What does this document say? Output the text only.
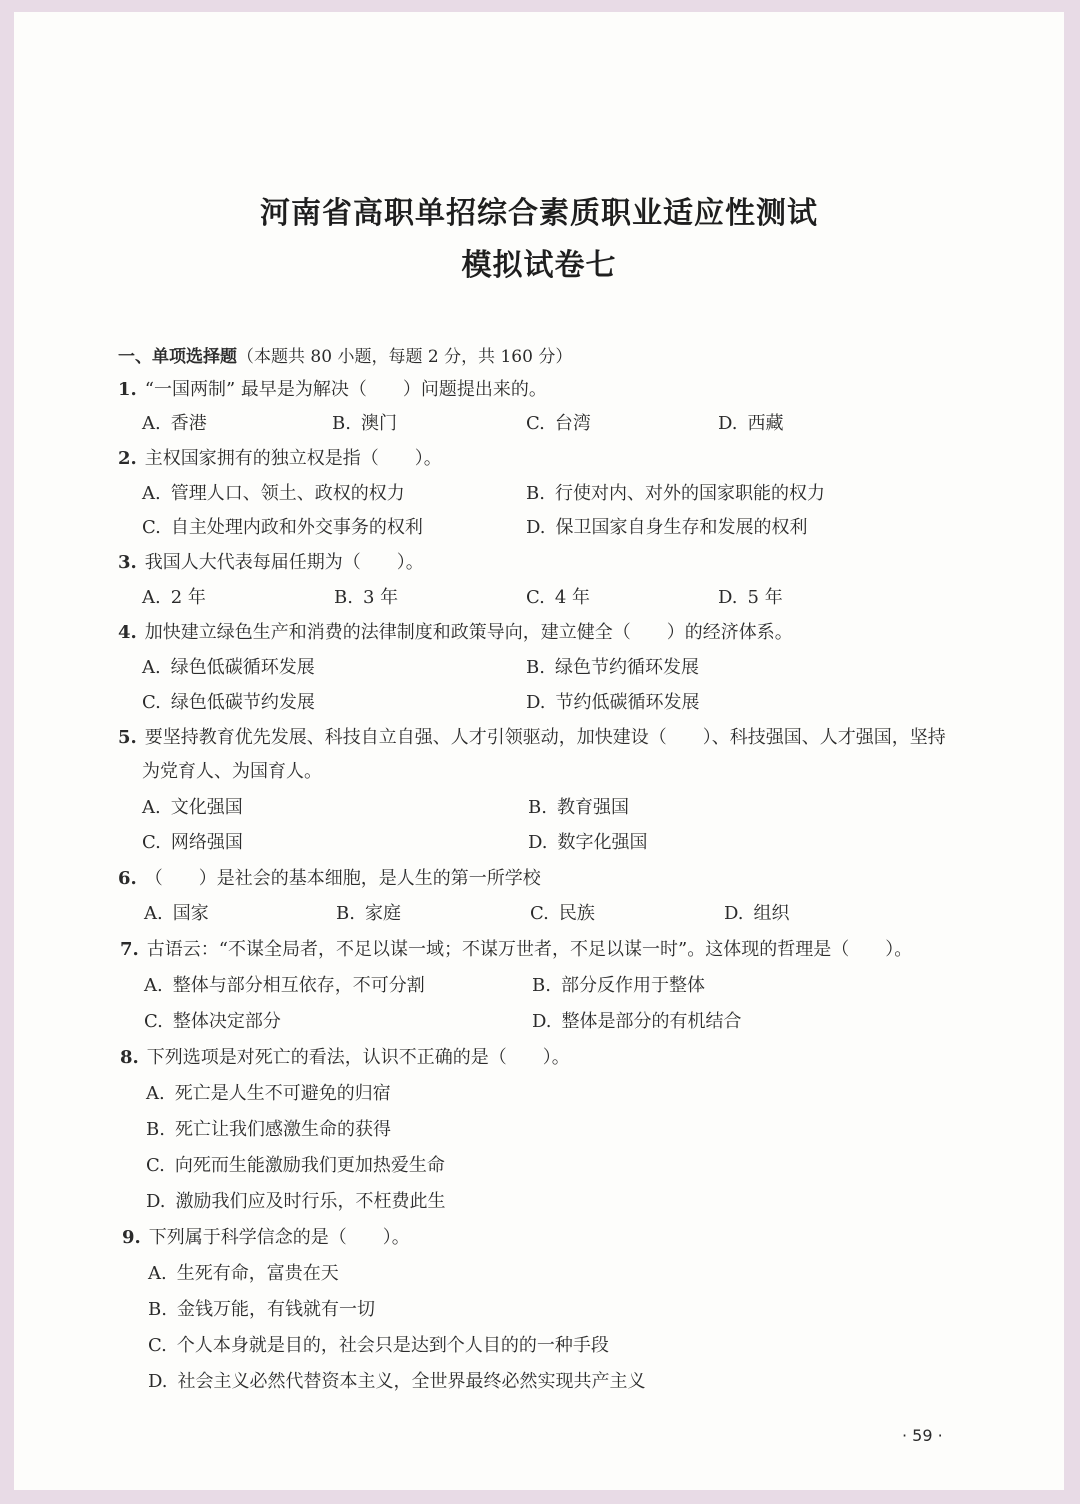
河南省高职单招综合素质职业适应性测试
模拟试卷七
一、单项选择题（本题共 80 小题，每题 2 分，共 160 分）
1. “一国两制” 最早是为解决（　　）问题提出来的。
A. 香港	B. 澳门	C. 台湾	D. 西藏
2. 主权国家拥有的独立权是指（　　）。
A. 管理人口、领土、政权的权力	B. 行使对内、对外的国家职能的权力
C. 自主处理内政和外交事务的权利	D. 保卫国家自身生存和发展的权利
3. 我国人大代表每届任期为（　　）。
A. 2 年	B. 3 年	C. 4 年	D. 5 年
4. 加快建立绿色生产和消费的法律制度和政策导向，建立健全（　　）的经济体系。
A. 绿色低碳循环发展	B. 绿色节约循环发展
C. 绿色低碳节约发展	D. 节约低碳循环发展
5. 要坚持教育优先发展、科技自立自强、人才引领驱动，加快建设（　　）、科技强国、人才强国，坚持
为党育人、为国育人。
A. 文化强国	B. 教育强国
C. 网络强国	D. 数字化强国
6. （　　）是社会的基本细胞，是人生的第一所学校
A. 国家	B. 家庭	C. 民族	D. 组织
7. 古语云：“不谋全局者，不足以谋一域；不谋万世者，不足以谋一时”。这体现的哲理是（　　）。
A. 整体与部分相互依存，不可分割	B. 部分反作用于整体
C. 整体决定部分	D. 整体是部分的有机结合
8. 下列选项是对死亡的看法，认识不正确的是（　　）。
A. 死亡是人生不可避免的归宿
B. 死亡让我们感激生命的获得
C. 向死而生能激励我们更加热爱生命
D. 激励我们应及时行乐，不枉费此生
9. 下列属于科学信念的是（　　）。
A. 生死有命，富贵在天
B. 金钱万能，有钱就有一切
C. 个人本身就是目的，社会只是达到个人目的的一种手段
D. 社会主义必然代替资本主义，全世界最终必然实现共产主义
· 59 ·
